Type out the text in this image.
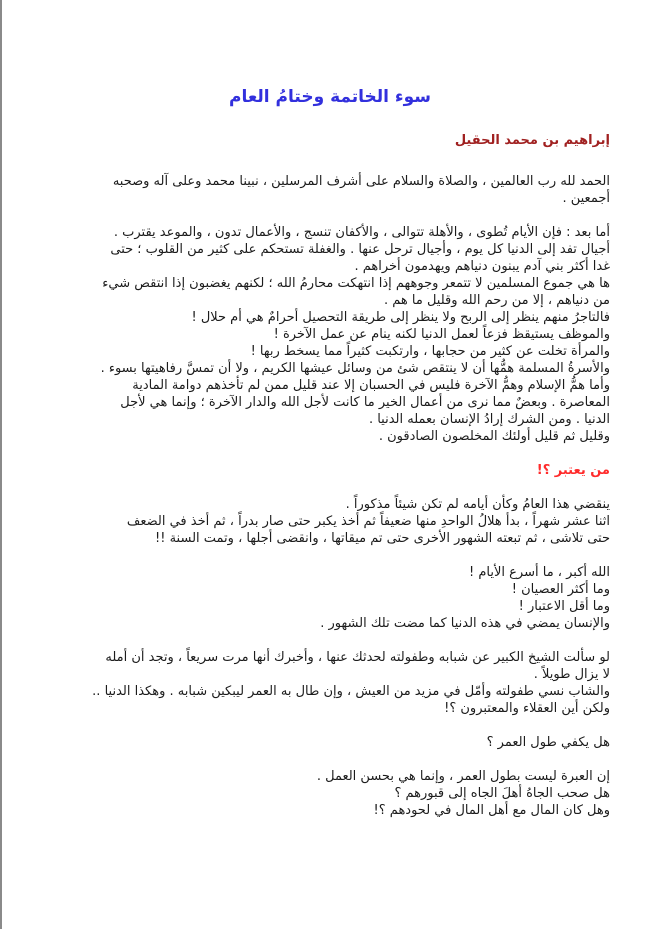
سوء الخاتمة وختامُ العام
إبراهيم بن محمد الحقيل
الحمد لله رب العالمين ، والصلاة والسلام على أشرف المرسلين ، نبينا محمد وعلى آله وصحبه
أجمعين .
أما بعد : فإن الأيام تُطوى ، والأهلة تتوالى ، والأكفان تنسج ، والأعمال تدون ، والموعد يقترب .
أجيال تفد إلى الدنيا كل يوم ، وأجيال ترحل عنها . والغفلة تستحكم على كثير من القلوب ؛ حتى
غدا أكثر بني آدم يبنون دنياهم ويهدمون أخراهم .
ها هي جموع المسلمين لا تتمعر وجوههم إذا انتهكت محارمُ الله ؛ لكنهم يغضبون إذا انتقص شيء
من دنياهم ، إلا من رحم الله وقليل ما هم .
فالتاجرُ منهم ينظر إلى الربح ولا ينظر إلى طريقة التحصيل أحرامٌ هي أم حلال !
والموظف يستيقظ فزعاً لعمل الدنيا لكنه ينام عن عمل الآخرة !
والمرأة تخلت عن كثير من حجابها ، وارتكبت كثيراً مما يسخط ربها !
والأسرةُ المسلمة همُّها أن لا ينتقص شئ من وسائل عيشها الكريم ، ولا أن تمسَّ رفاهيتها بسوء .
وأما همُّ الإسلام وهمُّ الآخرة فليس في الحسبان إلا عند قليل ممن لم تأخذهم دوامة المادية
المعاصرة . وبعضٌ مما نرى من أعمال الخير ما كانت لأجل الله والدار الآخرة ؛ وإنما هي لأجل
الدنيا . ومن الشرك إرادُ الإنسان بعمله الدنيا .
وقليل ثم قليل أولئك المخلصون الصادقون .
من يعتبر ؟!
ينقضي هذا العامُ وكأن أيامه لم تكن شيئاً مذكوراً .
اثنا عشر شهراً ، بدأ هلالُ الواحدِ منها ضعيفاً ثم أخذ يكبر حتى صار بدراً ، ثم أخذ في الضعف
حتى تلاشى ، ثم تبعته الشهور الأخرى حتى تم ميقاتها ، وانقضى أجلها ، وتمت السنة !!
الله أكبر ، ما أسرع الأيام !
وما أكثر العصيان !
وما أقل الاعتبار !
والإنسان يمضي في هذه الدنيا كما مضت تلك الشهور .
لو سألت الشيخ الكبير عن شبابه وطفولته لحدثك عنها ، وأخبرك أنها مرت سريعاً ، وتجد أن أمله
لا يزال طويلاً .
والشاب نسي طفولته وأمّل في مزيد من العيش ، وإن طال به العمر ليبكين شبابه . وهكذا الدنيا ..
ولكن أين العقلاء والمعتبرون ؟!
هل يكفي طول العمر ؟
إن العبرة ليست بطول العمر ، وإنما هي بحسن العمل .
هل صحب الجاهُ أهلَ الجاه إلى قبورهم ؟
وهل كان المال مع أهل المال في لحودهم ؟!
